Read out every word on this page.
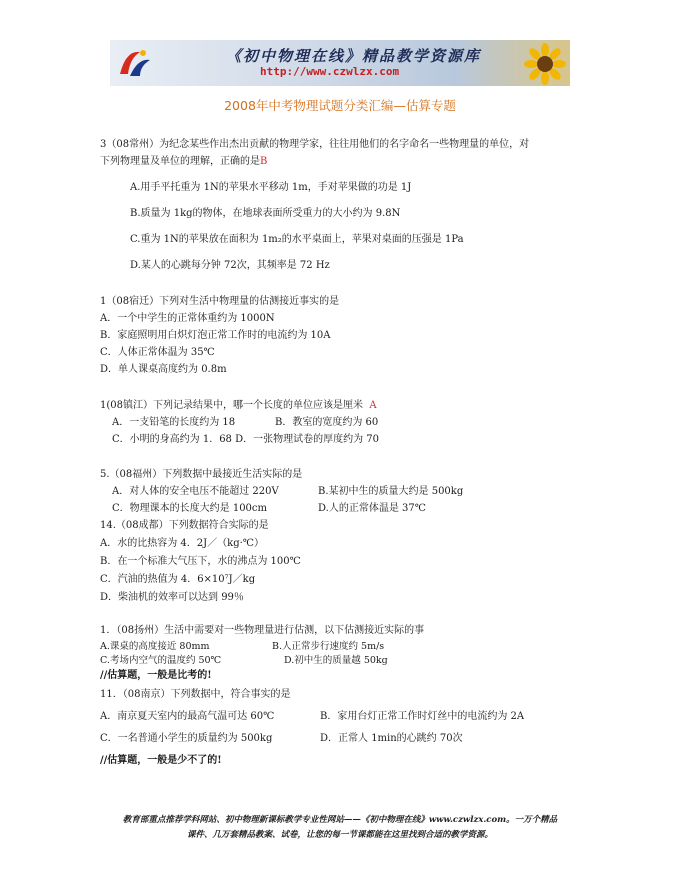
《初中物理在线》精品教学资源库
http://www.czwlzx.com
2008年中考物理试题分类汇编—估算专题
3（08常州）为纪念某些作出杰出贡献的物理学家，往往用他们的名字命名一些物理量的单位，对
下列物理量及单位的理解，正确的是B
A.用手平托重为 1N的苹果水平移动 1m，手对苹果做的功是 1J
B.质量为 1kg的物体，在地球表面所受重力的大小约为 9.8N
C.重为 1N的苹果放在面积为 1m₂的水平桌面上，苹果对桌面的压强是 1Pa
D.某人的心跳每分钟 72次，其频率是 72 Hz
1（08宿迁）下列对生活中物理量的估测接近事实的是
A．一个中学生的正常体重约为 1000N
B．家庭照明用白炽灯泡正常工作时的电流约为 10A
C．人体正常体温为 35℃
D．单人课桌高度约为 0.8m
1(08镇江）下列记录结果中，哪一个长度的单位应该是厘米 A
A．一支铅笔的长度约为 18	B．教室的宽度约为 60
C．小明的身高约为 1．68 D．一张物理试卷的厚度约为 70
5.（08福州）下列数据中最接近生活实际的是
A．对人体的安全电压不能超过 220V	B.某初中生的质量大约是 500kg
C．物理课本的长度大约是 100cm	D.人的正常体温是 37℃
14.（08成都）下列数据符合实际的是
A．水的比热容为 4．2J／（kg·℃）
B．在一个标准大气压下，水的沸点为 100℃
C．汽油的热值为 4．6×10⁷J／kg
D．柴油机的效率可以达到 99％
1．（08扬州）生活中需要对一些物理量进行估测，以下估测接近实际的事
A.课桌的高度接近 80mm	B.人正常步行速度约 5m/s
C.考场内空气的温度约 50℃	D.初中生的质量越 50kg
//估算题，一般是比考的!
11．（08南京）下列数据中，符合事实的是
A．南京夏天室内的最高气温可达 60℃	B．家用台灯正常工作时灯丝中的电流约为 2A
C．一名普通小学生的质量约为 500kg	D．正常人 1min的心跳约 70次
//估算题，一般是少不了的!
教育部重点推荐学科网站、初中物理新课标教学专业性网站——《初中物理在线》www.czwlzx.com。一万个精品
课件、几万套精品教案、试卷，让您的每一节课都能在这里找到合适的教学资源。
